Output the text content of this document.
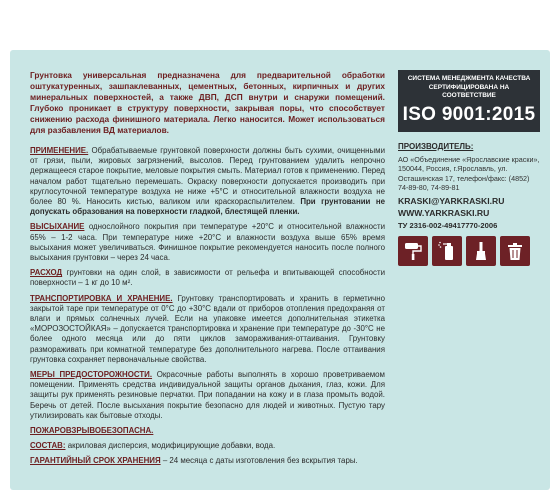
Грунтовка универсальная предназначена для предварительной обработки оштукатуренных, зашпаклеванных, цементных, бетонных, кирпичных и других минеральных поверхностей, а также ДВП, ДСП внутри и снаружи помещений. Глубоко проникает в структуру поверхности, закрывая поры, что способствует снижению расхода финишного материала. Легко наносится. Может использоваться для разбавления ВД материалов.

ПРИМЕНЕНИЕ. Обрабатываемые грунтовкой поверхности должны быть сухими, очищенными от грязи, пыли, жировых загрязнений, высолов. Перед грунтованием удалить непрочно держащееся старое покрытие, меловые покрытия смыть. Материал готов к применению. Перед началом работ тщательно перемешать. Окраску поверхности допускается производить при круглосуточной температуре воздуха не ниже +5°С и относительной влажности воздуха не более 80 %. Наносить кистью, валиком или краскораспылителем. При грунтовании не допускать образования на поверхности гладкой, блестящей пленки.

ВЫСЫХАНИЕ однослойного покрытия при температуре +20°С и относительной влажности 65% – 1-2 часа. При температуре ниже +20°С и влажности воздуха выше 65% время высыхания может увеличиваться. Финишное покрытие рекомендуется наносить после полного высыхания грунтовки – через 24 часа.

РАСХОД грунтовки на один слой, в зависимости от рельефа и впитывающей способности поверхности – 1 кг до 10 м².

ТРАНСПОРТИРОВКА И ХРАНЕНИЕ. Грунтовку транспортировать и хранить в герметично закрытой таре при температуре от 0°С до +30°С вдали от приборов отопления предохраняя от влаги и прямых солнечных лучей. Если на упаковке имеется дополнительная этикетка «МОРОЗОСТОЙКАЯ» – допускается транспортировка и хранение при температуре до -30°С не более одного месяца или до пяти циклов замораживания-оттаивания. Грунтовку размораживать при комнатной температуре без дополнительного нагрева. После оттаивания грунтовка сохраняет первоначальные свойства.

МЕРЫ ПРЕДОСТОРОЖНОСТИ. Окрасочные работы выполнять в хорошо проветриваемом помещении. Применять средства индивидуальной защиты органов дыхания, глаз, кожи. Для защиты рук применять резиновые перчатки. При попадании на кожу и в глаза промыть водой. Беречь от детей. После высыхания покрытие безопасно для людей и животных. Пустую тару утилизировать как бытовые отходы.

ПОЖАРОВЗРЫВОБЕЗОПАСНА.

СОСТАВ: акриловая дисперсия, модифицирующие добавки, вода.

ГАРАНТИЙНЫЙ СРОК ХРАНЕНИЯ – 24 месяца с даты изготовления без вскрытия тары.

СИСТЕМА МЕНЕДЖМЕНТА КАЧЕСТВА
СЕРТИФИЦИРОВАНА НА СООТВЕТСТВИЕ
ISO 9001:2015
ПРОИЗВОДИТЕЛЬ:
АО «Объединение «Ярославские краски», 150044, Россия, г.Ярославль, ул. Осташинская 17, телефон/факс: (4852) 74-89-80, 74-89-81
KRASKI@YARKRASKI.RU
WWW.YARKRASKI.RU
ТУ 2316-002-49417770-2006
